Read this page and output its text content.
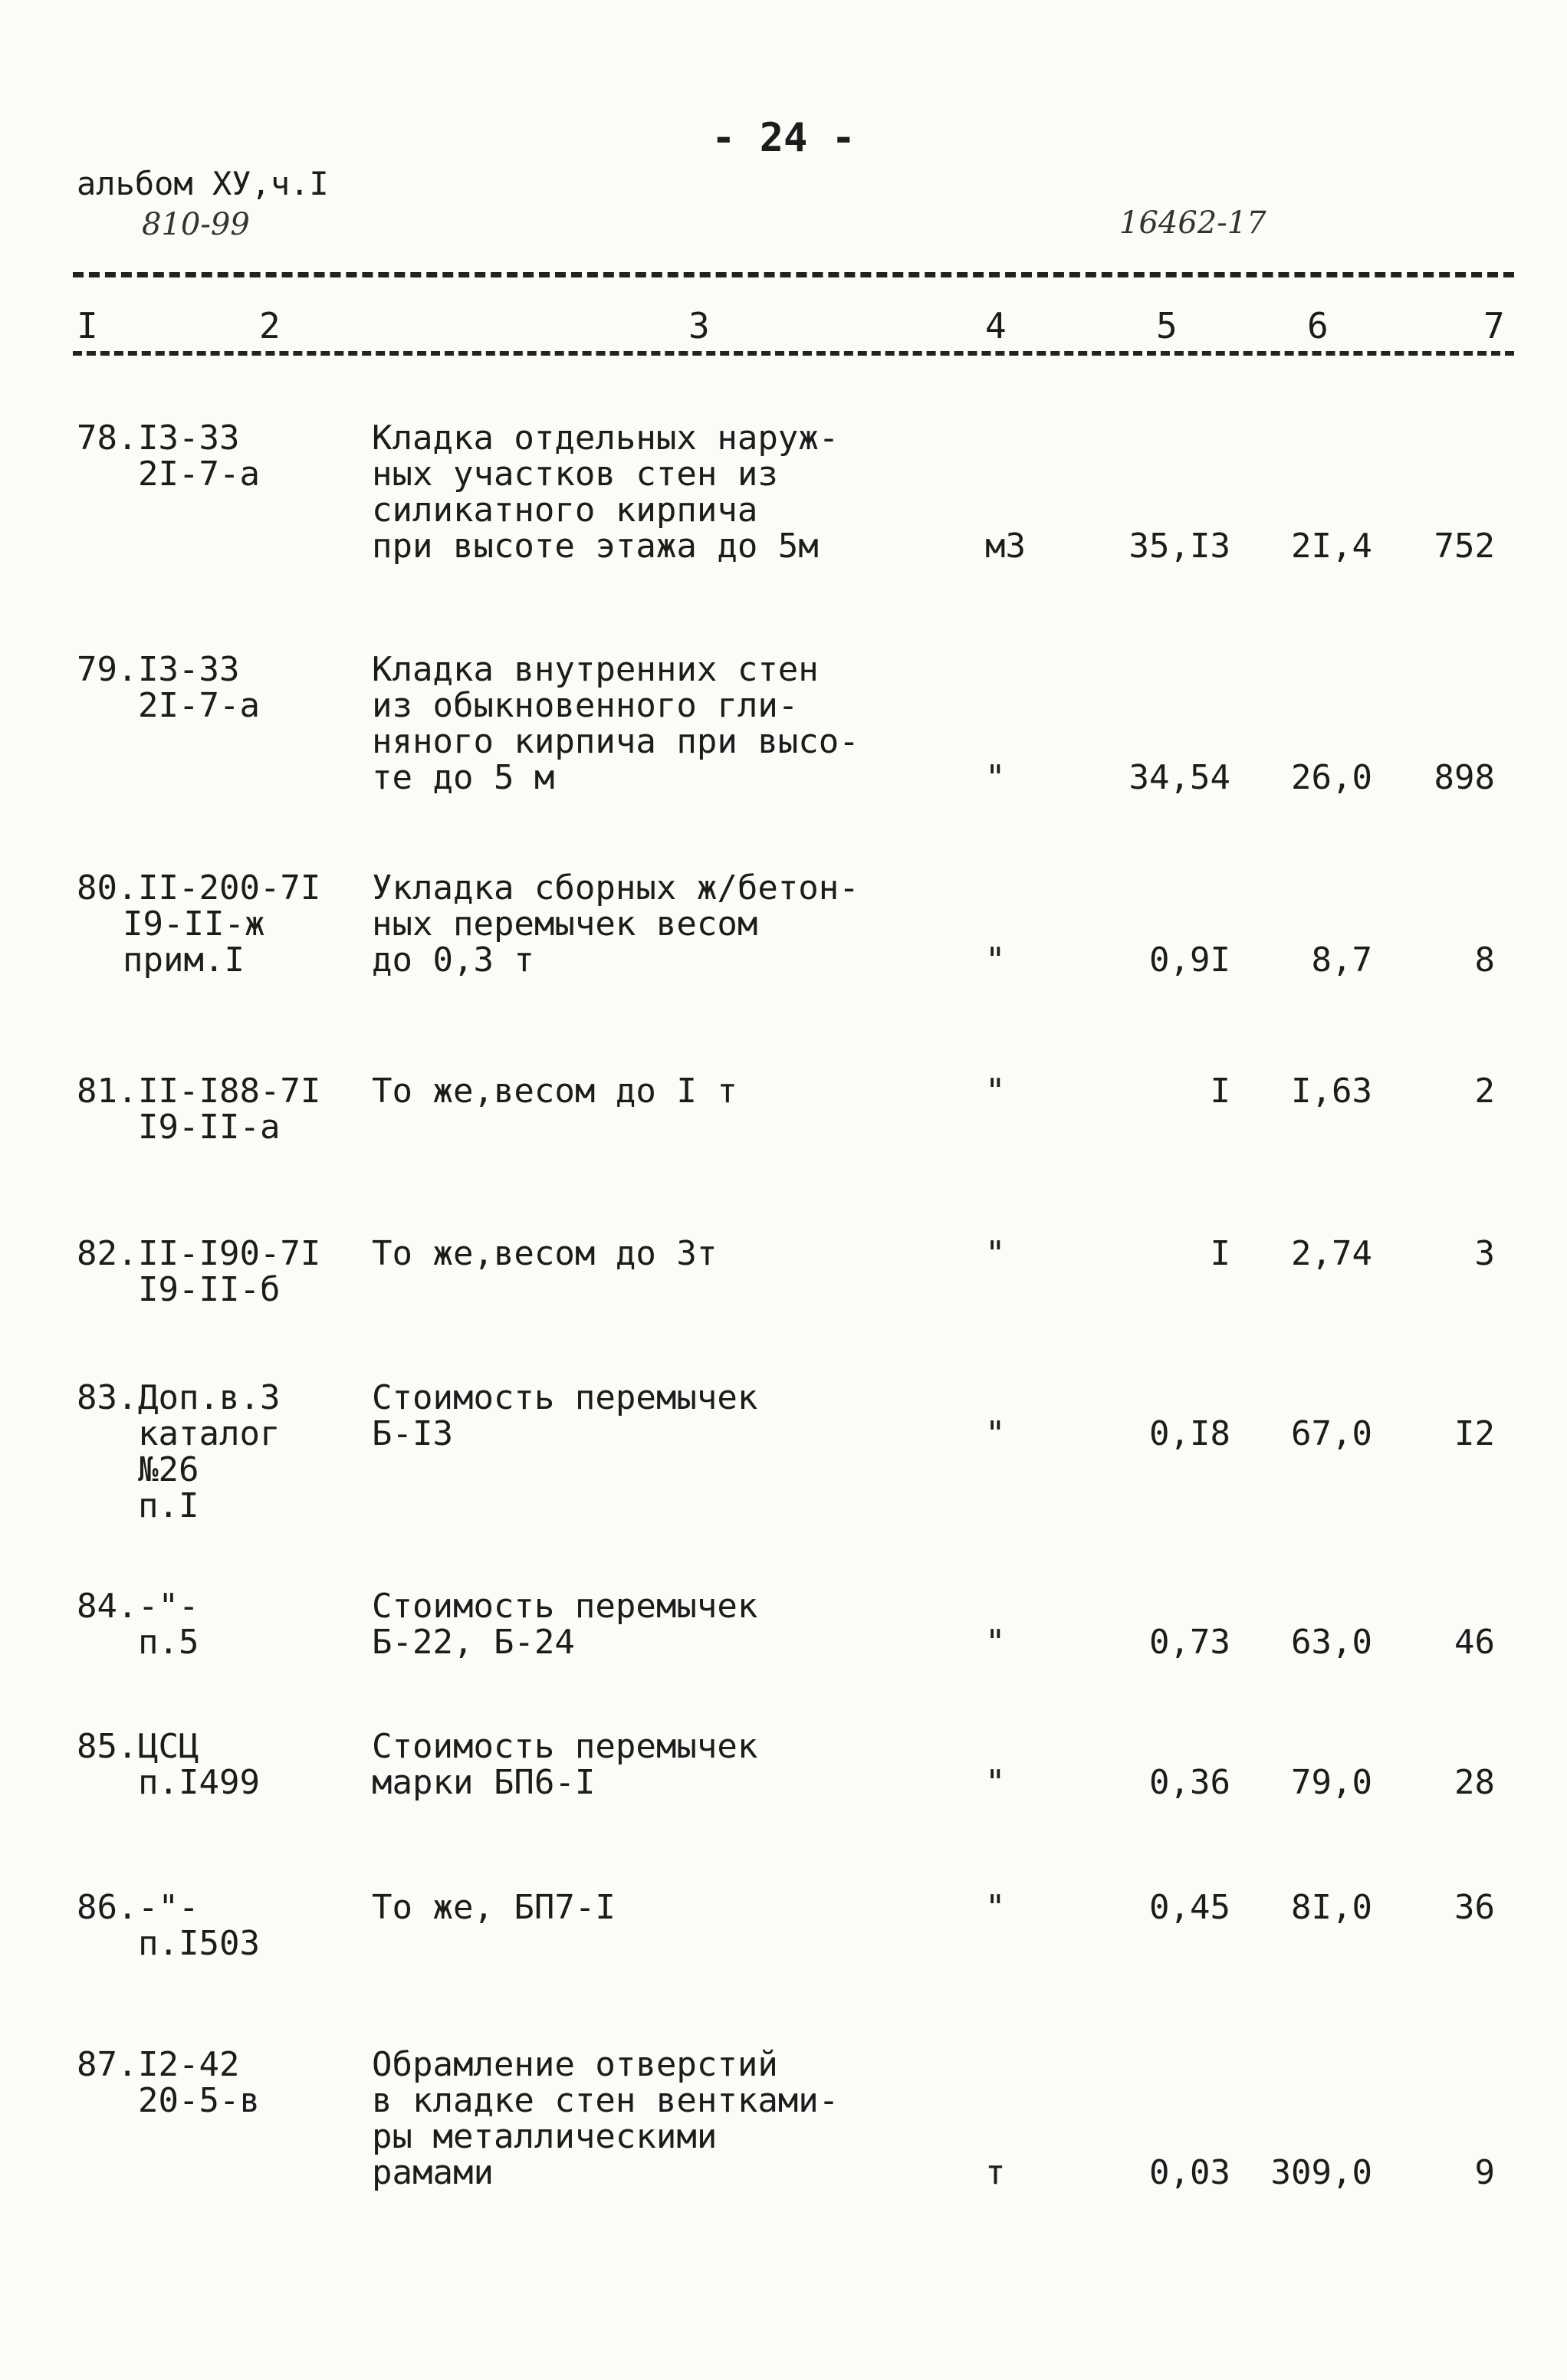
- 24 -
альбом ХУ,ч.I
810-99	16462-17
I	2	3	4	5	6	7
78. I3-33
2I-7-а
Кладка отдельных наруж-
ных участков стен из
силикатного кирпича
при высоте этажа до 5м	м3	35,I3	2I,4	752
79. I3-33
2I-7-а
Кладка внутренних стен
из обыкновенного гли-
няного кирпича при высо-
те до 5 м	"	34,54	26,0	898
80. II-200-7I
I9-II-ж
прим.I
Укладка сборных ж/бетон-
ных перемычек весом
до 0,3 т	"	0,9I	8,7	8
81. II-I88-7I
I9-II-а
То же,весом до I т	"	I	I,63	2
82. II-I90-7I
I9-II-б
То же,весом до 3т	"	I	2,74	3
83. Доп.в.3
каталог
№26
п.I
Стоимость перемычек
Б-I3	"	0,I8	67,0	I2
84. -"-
п.5
Стоимость перемычек
Б-22, Б-24	"	0,73	63,0	46
85. ЦСЦ
п.I499
Стоимость перемычек
марки БП6-I	"	0,36	79,0	28
86. -"-
п.I503
То же, БП7-I	"	0,45	8I,0	36
87. I2-42
20-5-в
Обрамление отверстий
в кладке стен вентками-
ры металлическими
рамами	т	0,03	309,0	9
